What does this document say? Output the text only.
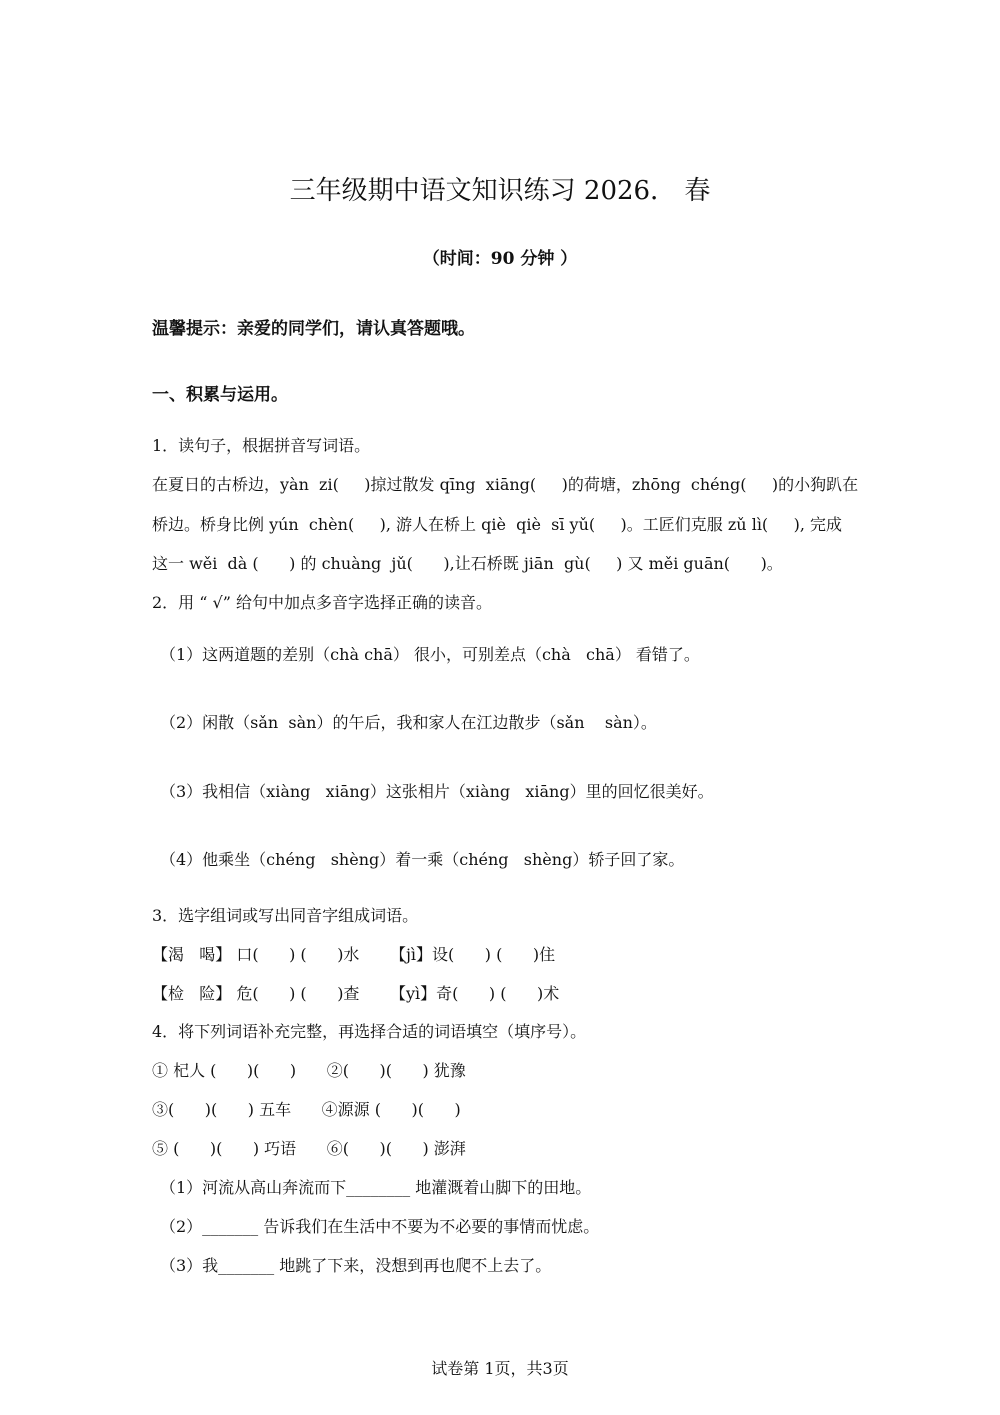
三年级期中语文知识练习 2026． 春
（时间：90 分钟 ）
温馨提示：亲爱的同学们，请认真答题哦。
一、积累与运用。
1．读句子，根据拼音写词语。
在夏日的古桥边，yàn  zi(     )掠过散发 qīng  xiāng(     )的荷塘，zhōng  chéng(     )的小狗趴在
桥边。桥身比例 yún  chèn(     ), 游人在桥上 qiè  qiè  sī yǔ(     )。工匠们克服 zǔ lì(     ), 完成
这一 wěi  dà (      ) 的 chuàng  jǔ(      ),让石桥既 jiān  gù(     ) 又 měi guān(      )。
2．用 “ √” 给句中加点多音字选择正确的读音。
（1）这两道题的差别（chà chā） 很小，可别差点（chà   chā） 看错了。
（2）闲散（sǎn  sàn）的午后，我和家人在江边散步（sǎn    sàn）。
（3）我相信（xiàng   xiāng）这张相片（xiàng   xiāng）里的回忆很美好。
（4）他乘坐（chéng   shèng）着一乘（chéng   shèng）轿子回了家。
3．选字组词或写出同音字组成词语。
【渴   喝】 口(      ) (      )水      【jì】设(      ) (      )住
【检   险】 危(      ) (      )查      【yì】奇(      ) (      )术
4．将下列词语补充完整，再选择合适的词语填空（填序号）。
① 杞人 (      )(      )      ②(      )(      ) 犹豫
③(      )(      ) 五车      ④源源 (      )(      )
⑤ (      )(      ) 巧语      ⑥(      )(      ) 澎湃
（1）河流从高山奔流而下________ 地灌溉着山脚下的田地。
（2）_______ 告诉我们在生活中不要为不必要的事情而忧虑。
（3）我_______ 地跳了下来，没想到再也爬不上去了。
试卷第 1页，共3页
